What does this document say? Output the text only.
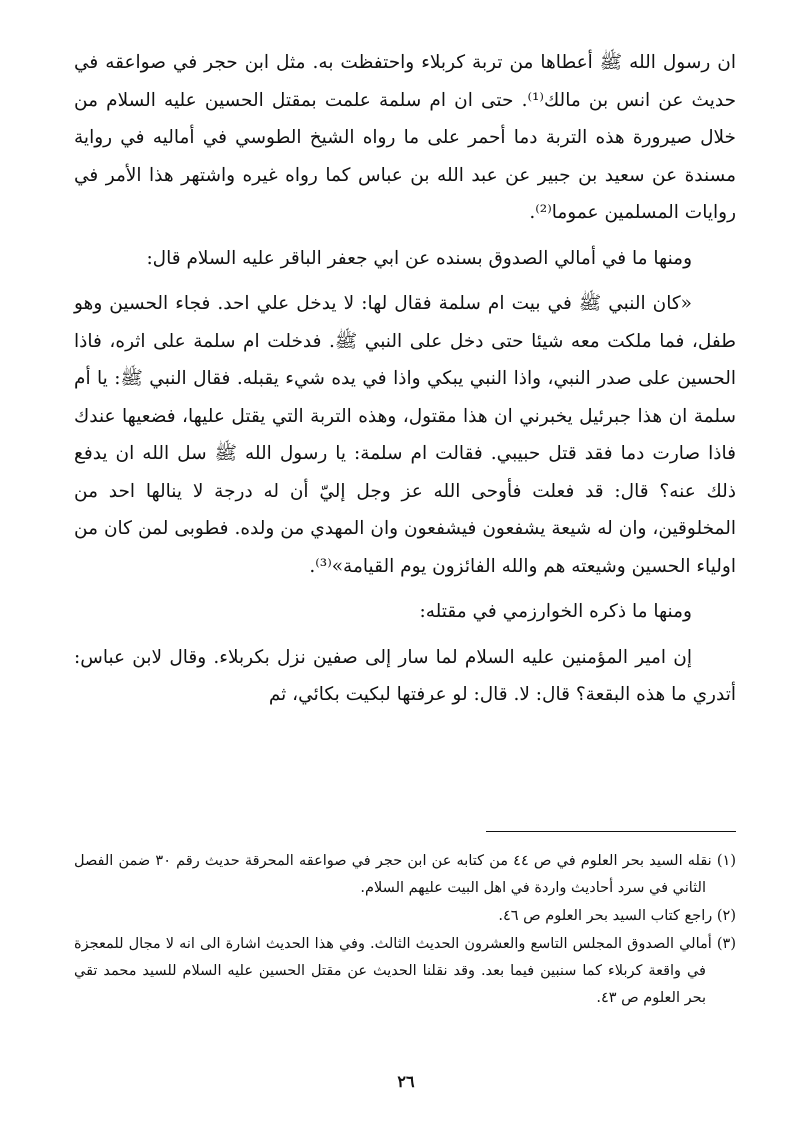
ان رسول الله ﷺ أعطاها من تربة كربلاء واحتفظت به. مثل ابن حجر في صواعقه في حديث عن انس بن مالك⁽¹⁾. حتى ان ام سلمة علمت بمقتل الحسين عليه السلام من خلال صيرورة هذه التربة دما أحمر على ما رواه الشيخ الطوسي في أماليه في رواية مسندة عن سعيد بن جبير عن عبد الله بن عباس كما رواه غيره واشتهر هذا الأمر في روايات المسلمين عموما⁽²⁾.

ومنها ما في أمالي الصدوق بسنده عن ابي جعفر الباقر عليه السلام قال:

«كان النبي ﷺ في بيت ام سلمة فقال لها: لا يدخل علي احد. فجاء الحسين وهو طفل، فما ملكت معه شيئا حتى دخل على النبي ﷺ. فدخلت ام سلمة على اثره، فاذا الحسين على صدر النبي، واذا النبي يبكي واذا في يده شيء يقبله. فقال النبي ﷺ: يا أم سلمة ان هذا جبرئيل يخبرني ان هذا مقتول، وهذه التربة التي يقتل عليها، فضعيها عندك فاذا صارت دما فقد قتل حبيبي. فقالت ام سلمة: يا رسول الله ﷺ سل الله ان يدفع ذلك عنه؟ قال: قد فعلت فأوحى الله عز وجل إليّ أن له درجة لا ينالها احد من المخلوقين، وان له شيعة يشفعون فيشفعون وان المهدي من ولده. فطوبى لمن كان من اولياء الحسين وشيعته هم والله الفائزون يوم القيامة»⁽³⁾.

ومنها ما ذكره الخوارزمي في مقتله:

إن امير المؤمنين عليه السلام لما سار إلى صفين نزل بكربلاء. وقال لابن عباس: أتدري ما هذه البقعة؟ قال: لا. قال: لو عرفتها لبكيت بكائي، ثم

(١) نقله السيد بحر العلوم في ص ٤٤ من كتابه عن ابن حجر في صواعقه المحرقة حديث رقم ٣٠ ضمن الفصل الثاني في سرد أحاديث واردة في اهل البيت عليهم السلام.

(٢) راجع كتاب السيد بحر العلوم ص ٤٦.

(٣) أمالي الصدوق المجلس التاسع والعشرون الحديث الثالث. وفي هذا الحديث اشارة الى انه لا مجال للمعجزة في واقعة كربلاء كما سنبين فيما بعد. وقد نقلنا الحديث عن مقتل الحسين عليه السلام للسيد محمد تقي بحر العلوم ص ٤٣.

٢٦
